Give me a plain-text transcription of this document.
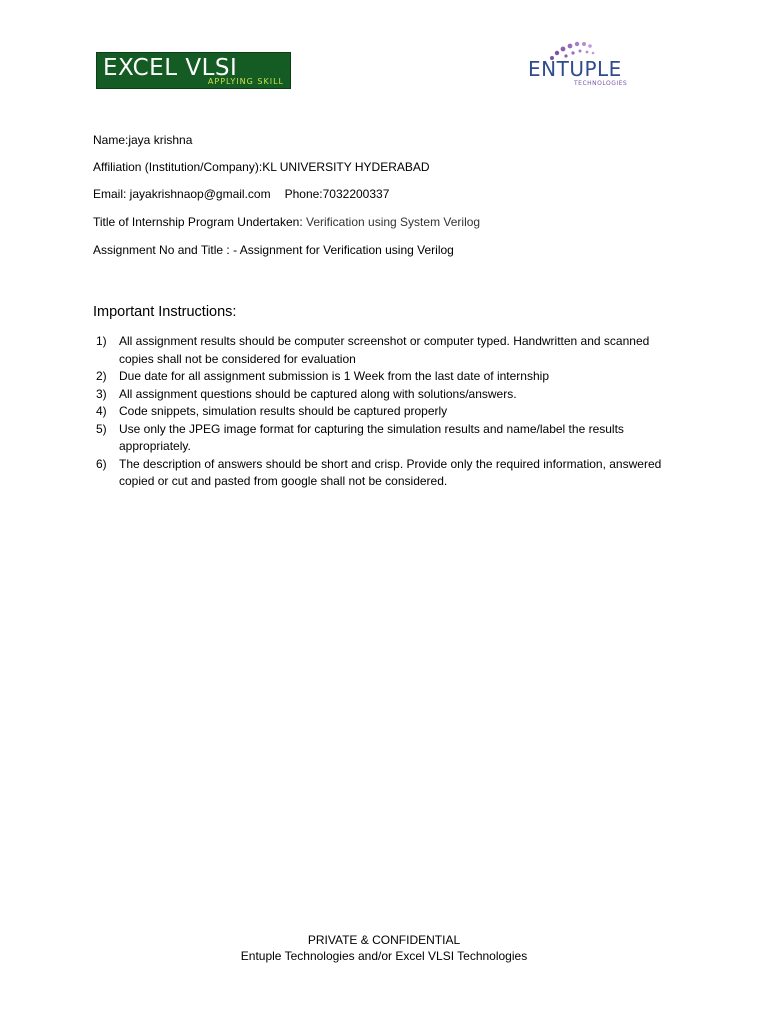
EXCEL VLSI
APPLYING SKILL
ENTUPLE
TECHNOLOGIES
Name:jaya krishna
Affiliation (Institution/Company):KL UNIVERSITY HYDERABAD
Email: jayakrishnaop@gmail.com Phone:7032200337
Title of Internship Program Undertaken: Verification using System Verilog
Assignment No and Title : - Assignment for Verification using Verilog
Important Instructions:
1) All assignment results should be computer screenshot or computer typed. Handwritten and scanned copies shall not be considered for evaluation
2) Due date for all assignment submission is 1 Week from the last date of internship
3) All assignment questions should be captured along with solutions/answers.
4) Code snippets, simulation results should be captured properly
5) Use only the JPEG image format for capturing the simulation results and name/label the results appropriately.
6) The description of answers should be short and crisp. Provide only the required information, answered copied or cut and pasted from google shall not be considered.
PRIVATE & CONFIDENTIAL
Entuple Technologies and/or Excel VLSI Technologies
